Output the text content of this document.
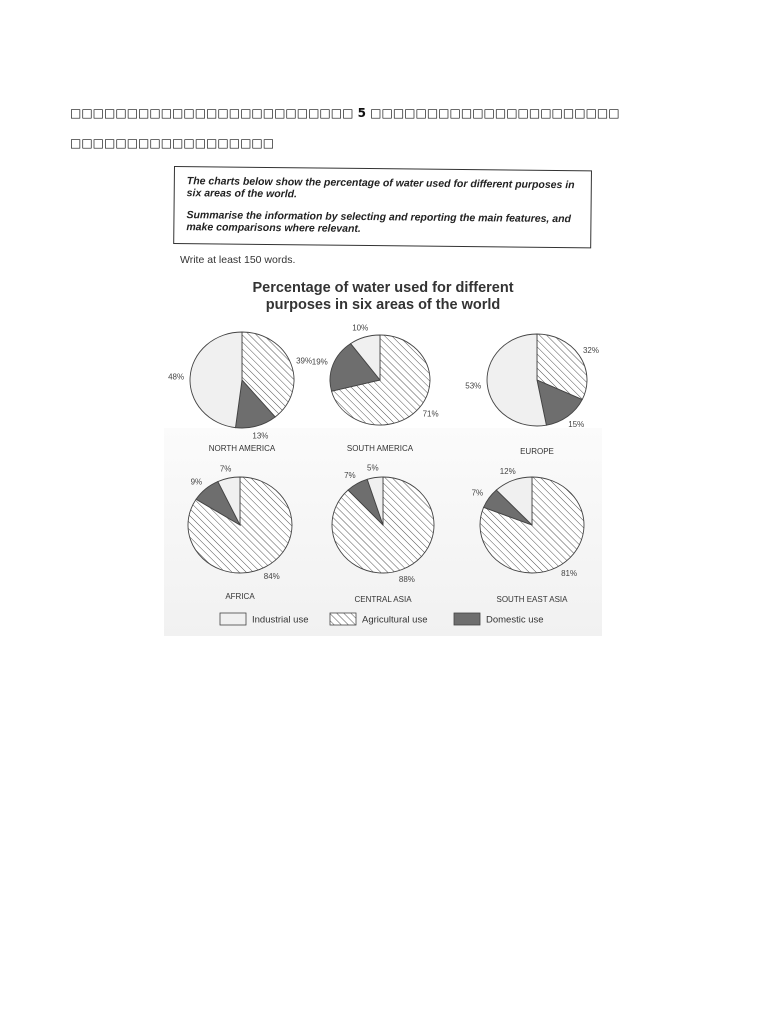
□□□□□□□□□□□□□□□□□□□□□□□□□ 5 □□□□□□□□□□□□□□□□□□□□□□
□□□□□□□□□□□□□□□□□□
The charts below show the percentage of water used for different purposes in six areas of the world.
Summarise the information by selecting and reporting the main features, and make comparisons where relevant.
Write at least 150 words.
Percentage of water used for different
purposes in six areas of the world
39%
13%
48%
NORTH AMERICA
71%
19%
10%
SOUTH AMERICA
32%
15%
53%
EUROPE
84%
9%
7%
AFRICA
88%
7%
5%
CENTRAL ASIA
81%
7%
12%
SOUTH EAST ASIA
Industrial use	Agricultural use	Domestic use
